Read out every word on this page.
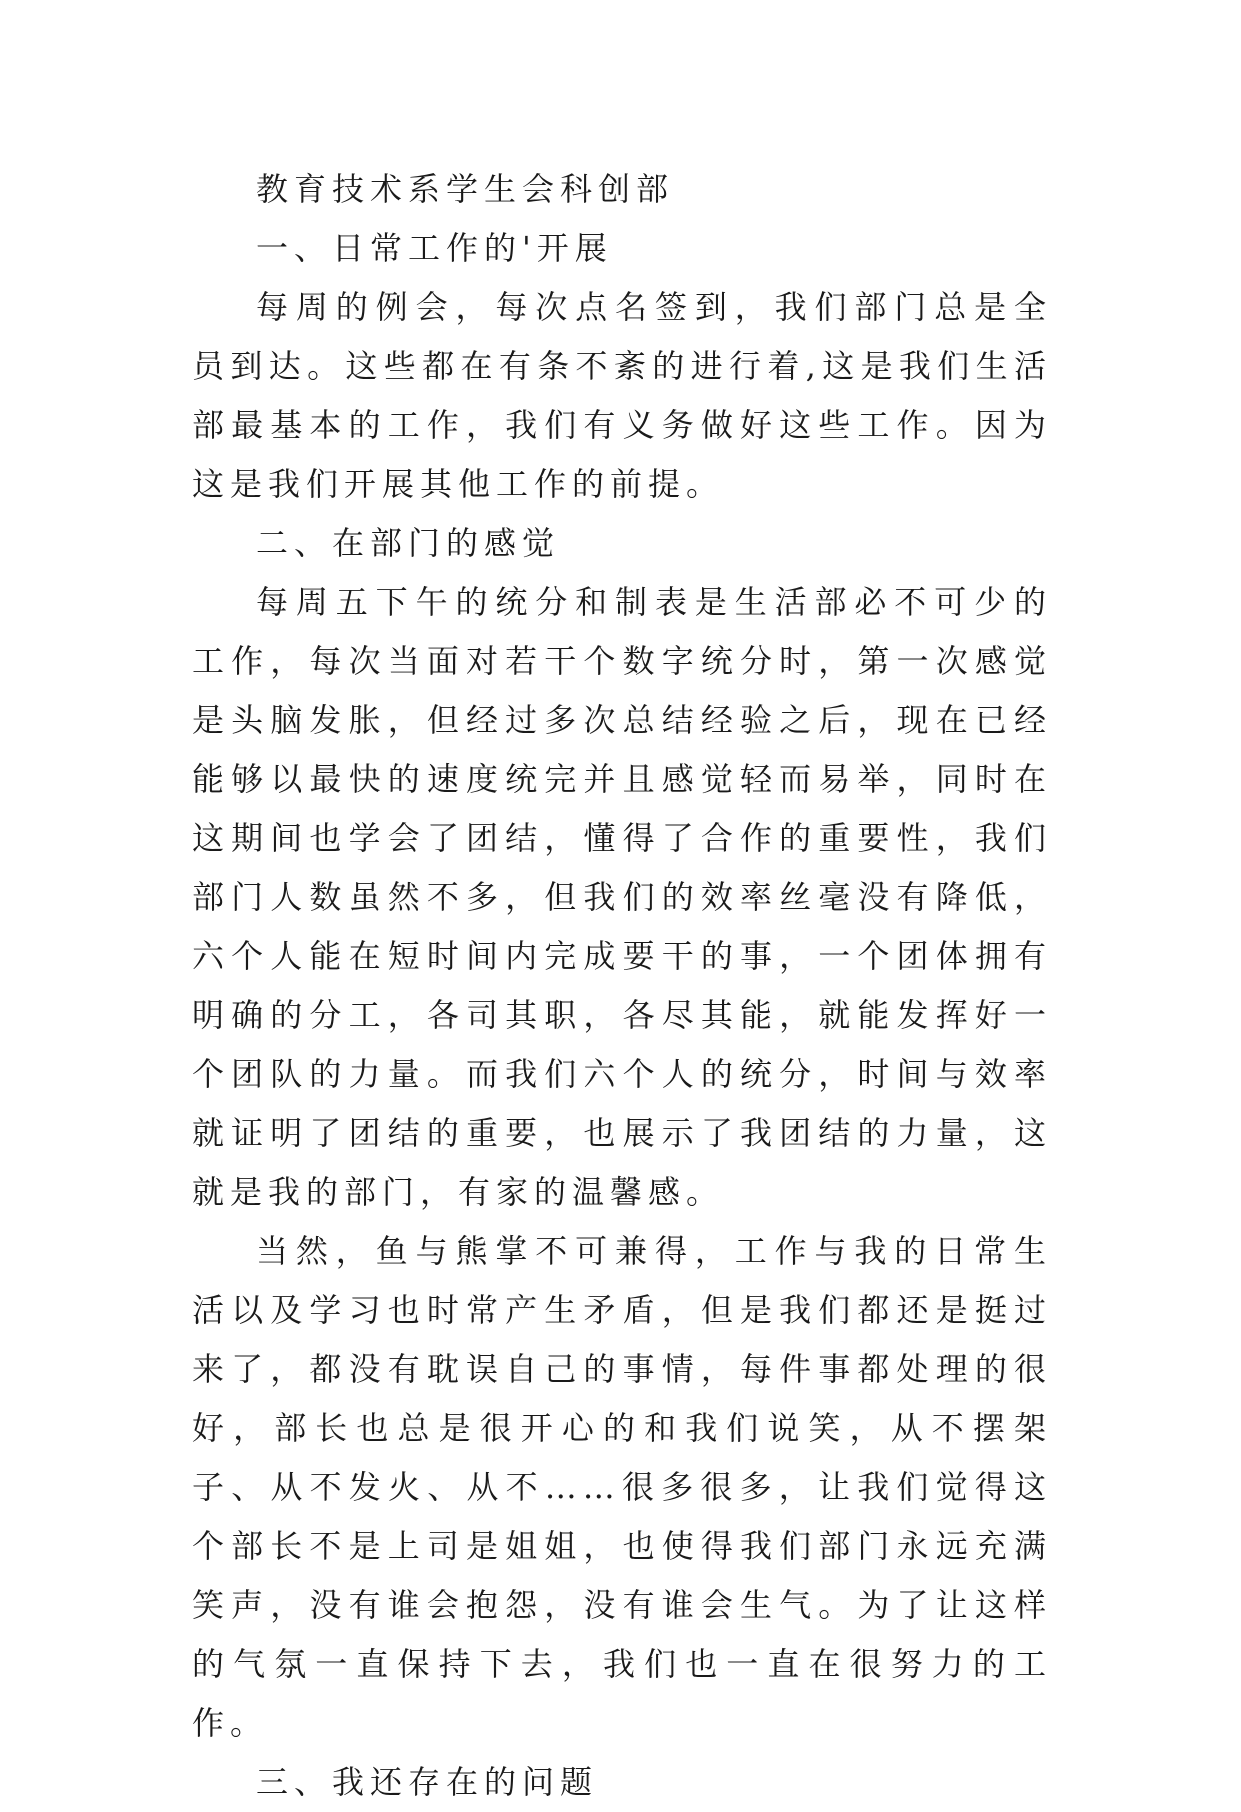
教育技术系学生会科创部

一、日常工作的'开展

每周的例会，每次点名签到，我们部门总是全员到达。这些都在有条不紊的进行着,这是我们生活部最基本的工作，我们有义务做好这些工作。因为这是我们开展其他工作的前提。

二、在部门的感觉

每周五下午的统分和制表是生活部必不可少的工作，每次当面对若干个数字统分时，第一次感觉是头脑发胀，但经过多次总结经验之后，现在已经能够以最快的速度统完并且感觉轻而易举，同时在这期间也学会了团结，懂得了合作的重要性，我们部门人数虽然不多，但我们的效率丝毫没有降低，六个人能在短时间内完成要干的事，一个团体拥有明确的分工，各司其职，各尽其能，就能发挥好一个团队的力量。而我们六个人的统分，时间与效率就证明了团结的重要，也展示了我团结的力量，这就是我的部门，有家的温馨感。

当然，鱼与熊掌不可兼得，工作与我的日常生活以及学习也时常产生矛盾，但是我们都还是挺过来了，都没有耽误自己的事情，每件事都处理的很好，部长也总是很开心的和我们说笑，从不摆架子、从不发火、从不……很多很多，让我们觉得这个部长不是上司是姐姐，也使得我们部门永远充满笑声，没有谁会抱怨，没有谁会生气。为了让这样的气氛一直保持下去，我们也一直在很努力的工作。

三、我还存在的问题
